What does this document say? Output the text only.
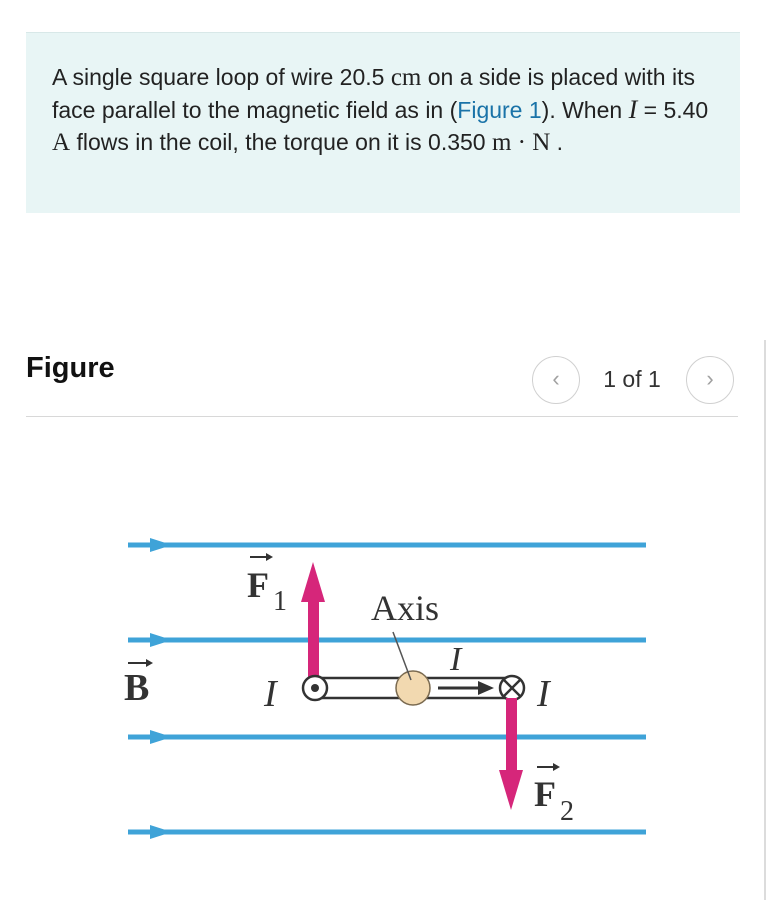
A single square loop of wire 20.5 cm on a side is placed with its face parallel to the magnetic field as in (Figure 1). When I = 5.40 A flows in the coil, the torque on it is 0.350 m · N .
Figure	‹	1 of 1	›
B
F 1 Axis
I
I
I
F 2
